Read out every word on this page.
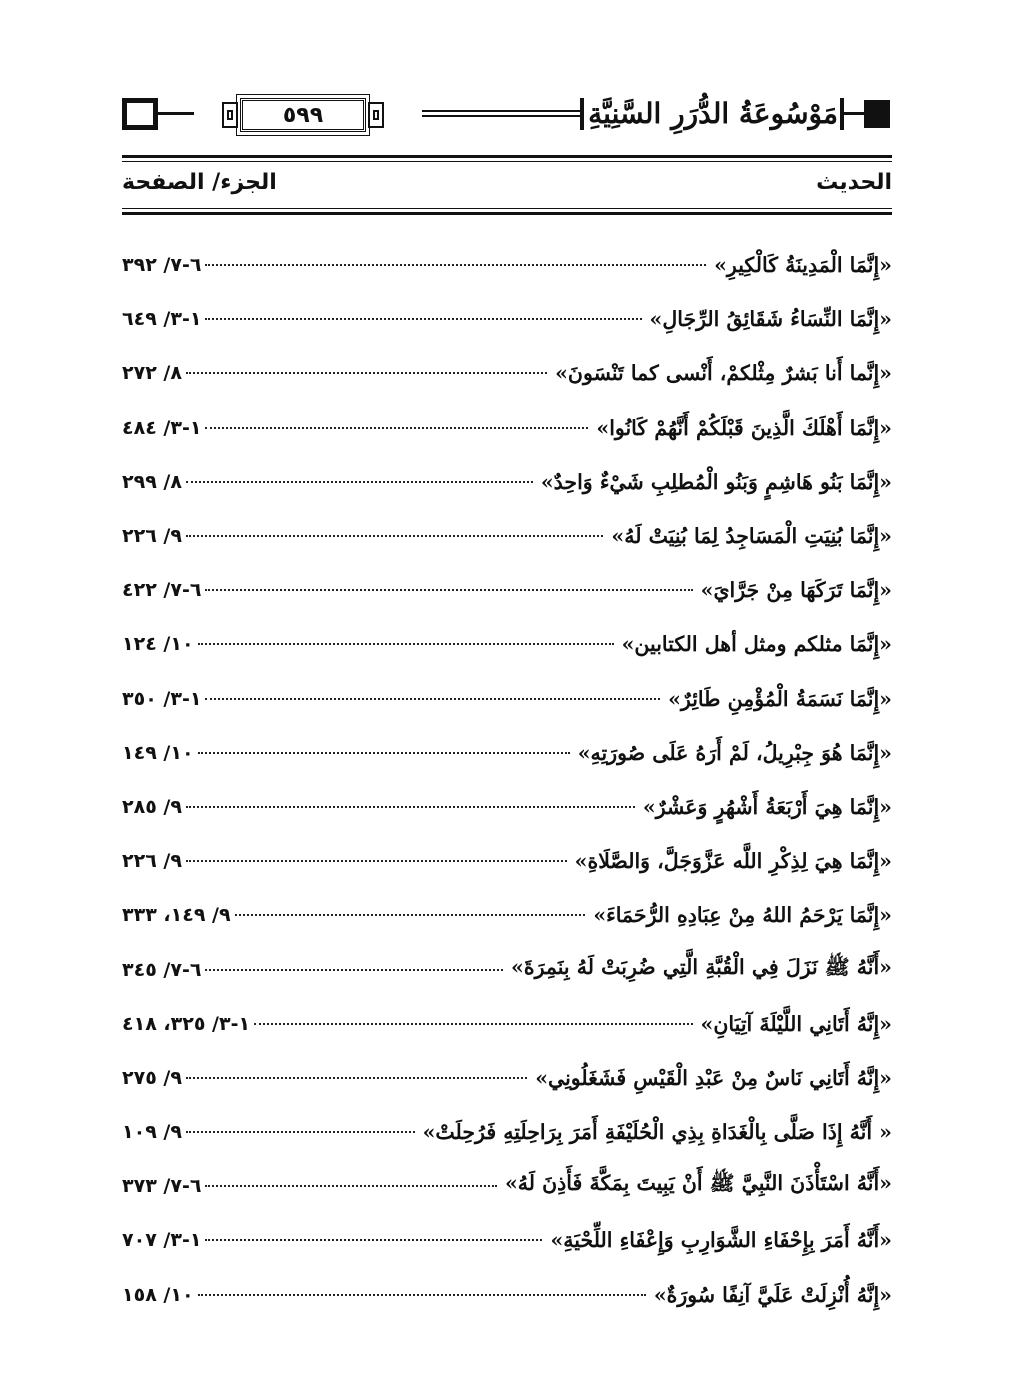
٥٩٩	مَوْسُوعَةُ الدُّرَرِ السَّنِيَّةِ
الحديث
الجزء/ الصفحة
«إِنَّمَا الْمَدِينَةُ كَالْكِيرِ»
٦-٧/ ٣٩٢
«إِنَّمَا النِّسَاءُ شَقَائِقُ الرِّجَالِ»
١-٣/ ٦٤٩
«إِنَّما أَنا بَشرٌ مِثْلكمْ، أَنْسى كما تَنْسَونَ»
٨/ ٢٧٢
«إِنَّمَا أَهْلَكَ الَّذِينَ قَبْلَكُمْ أَنَّهُمْ كَانُوا»
١-٣/ ٤٨٤
«إِنَّمَا بَنُو هَاشِمٍ وَبَنُو الْمُطلِبِ شَيْءٌ وَاحِدٌ»
٨/ ٢٩٩
«إِنَّمَا بُنِيَتِ الْمَسَاجِدُ لِمَا بُنِيَتْ لَهُ»
٩/ ٢٢٦
«إِنَّمَا تَرَكَهَا مِنْ جَرَّايَ»
٦-٧/ ٤٢٢
«إِنَّمَا مثلكم ومثل أهل الكتابين»
١٠/ ١٢٤
«إِنَّمَا نَسَمَةُ الْمُؤْمِنِ طَائِرٌ»
١-٣/ ٣٥٠
«إِنَّمَا هُوَ جِبْرِيلُ، لَمْ أَرَهُ عَلَى صُورَتِهِ»
١٠/ ١٤٩
«إِنَّمَا هِيَ أَرْبَعَةُ أَشْهُرٍ وَعَشْرٌ»
٩/ ٢٨٥
«إِنَّمَا هِيَ لِذِكْرِ اللَّه عَزَّوَجَلَّ، وَالصَّلَاةِ»
٩/ ٢٢٦
«إِنَّمَا يَرْحَمُ اللهُ مِنْ عِبَادِهِ الرُّحَمَاءَ»
٩/ ١٤٩، ٣٣٣
«أَنَّهُ ﷺ نَزَلَ فِي الْقُبَّةِ الَّتِي ضُرِبَتْ لَهُ بِنَمِرَةَ»
٦-٧/ ٣٤٥
«إِنَّهُ أَتَانِي اللَّيْلَةَ آتِيَانِ»
١-٣/ ٣٢٥، ٤١٨
«إِنَّهُ أَتَانِي نَاسٌ مِنْ عَبْدِ الْقَيْسِ فَشَغَلُونِي»
٩/ ٢٧٥
« أَنَّهُ إِذَا صَلَّى بِالْغَدَاةِ بِذِي الْحُلَيْفَةِ أَمَرَ بِرَاحِلَتِهِ فَرُحِلَتْ»
٩/ ١٠٩
«أَنَّهُ اسْتَأْذَنَ النَّبِيَّ ﷺ أَنْ يَبِيتَ بِمَكَّةَ فَأَذِنَ لَهُ»
٦-٧/ ٣٧٣
«أَنَّهُ أَمَرَ بِإِحْفَاءِ الشَّوَارِبِ وَإِعْفَاءِ اللِّحْيَةِ»
١-٣/ ٧٠٧
«إِنَّهُ أُنْزِلَتْ عَلَيَّ آنِفًا سُورَةٌ»
١٠/ ١٥٨
